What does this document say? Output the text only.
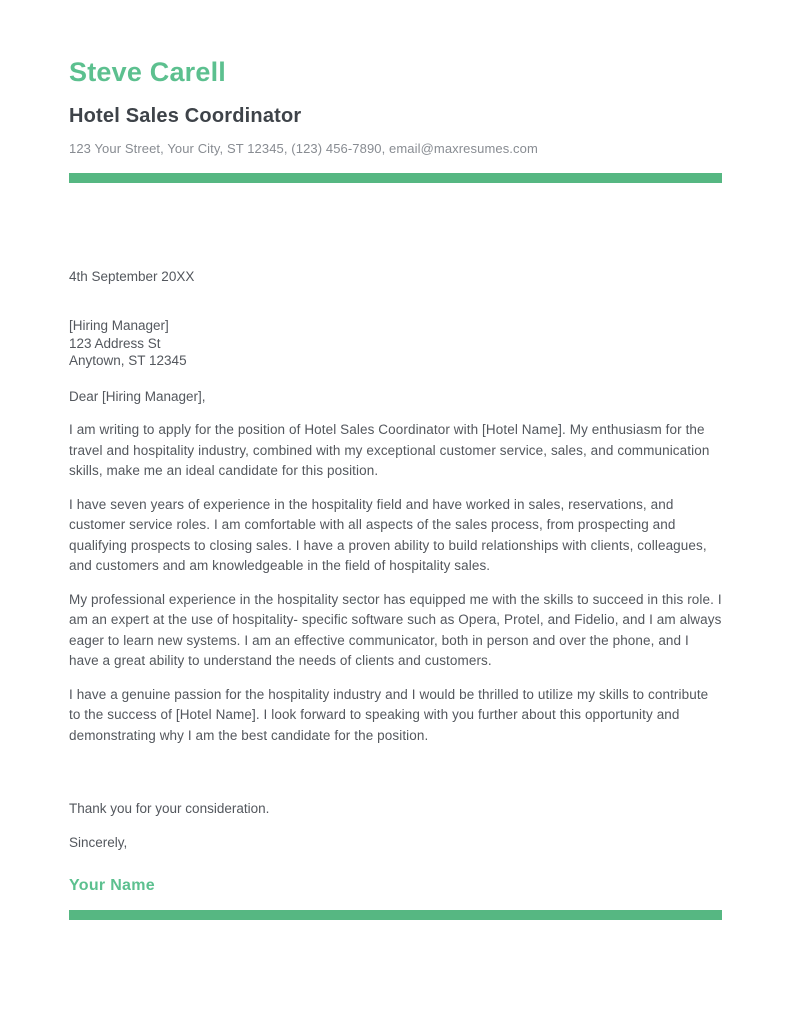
Steve Carell
Hotel Sales Coordinator
123 Your Street, Your City, ST 12345, (123) 456-7890, email@maxresumes.com
4th September 20XX
[Hiring Manager]
123 Address St
Anytown, ST 12345
Dear [Hiring Manager],

I am writing to apply for the position of Hotel Sales Coordinator with [Hotel Name]. My enthusiasm for the travel and hospitality industry, combined with my exceptional customer service, sales, and communication skills, make me an ideal candidate for this position.

I have seven years of experience in the hospitality field and have worked in sales, reservations, and customer service roles. I am comfortable with all aspects of the sales process, from prospecting and qualifying prospects to closing sales. I have a proven ability to build relationships with clients, colleagues, and customers and am knowledgeable in the field of hospitality sales.

My professional experience in the hospitality sector has equipped me with the skills to succeed in this role. I am an expert at the use of hospitality- specific software such as Opera, Protel, and Fidelio, and I am always eager to learn new systems. I am an effective communicator, both in person and over the phone, and I have a great ability to understand the needs of clients and customers.

I have a genuine passion for the hospitality industry and I would be thrilled to utilize my skills to contribute to the success of [Hotel Name]. I look forward to speaking with you further about this opportunity and demonstrating why I am the best candidate for the position.

Thank you for your consideration.
Sincerely,
Your Name
